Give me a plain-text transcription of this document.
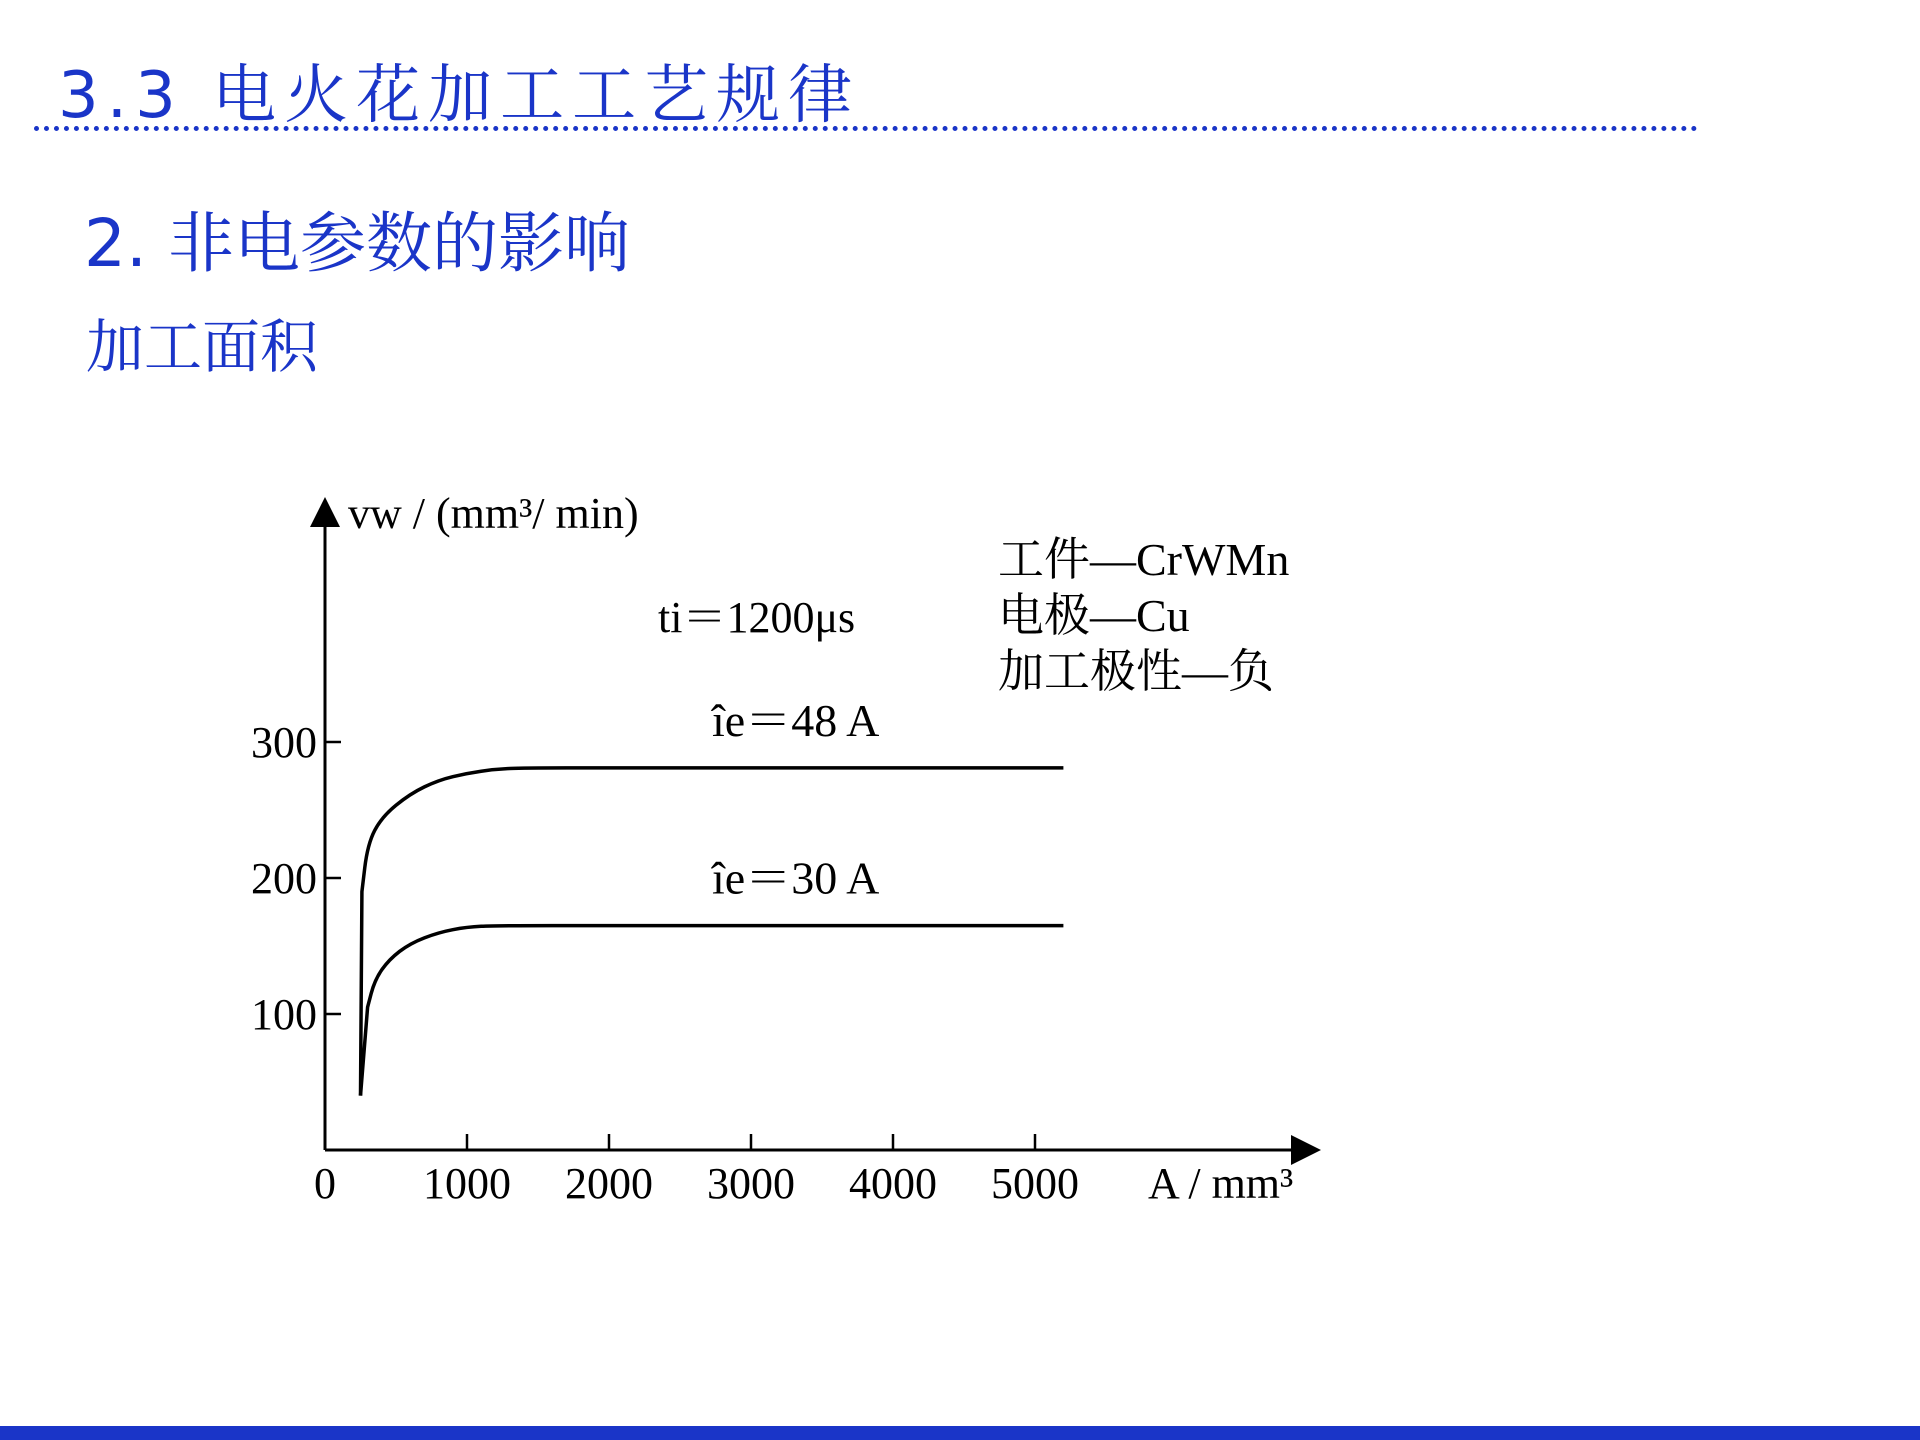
3.3 电火花加工工艺规律
2. 非电参数的影响
加工面积
0 1000 2000 3000 4000 5000
100
200
300	îe＝48 A
îe＝30 A
vw / (mm³/ min)
A / mm³
ti＝1200μs
工件—CrWMn
电极—Cu
加工极性—负
